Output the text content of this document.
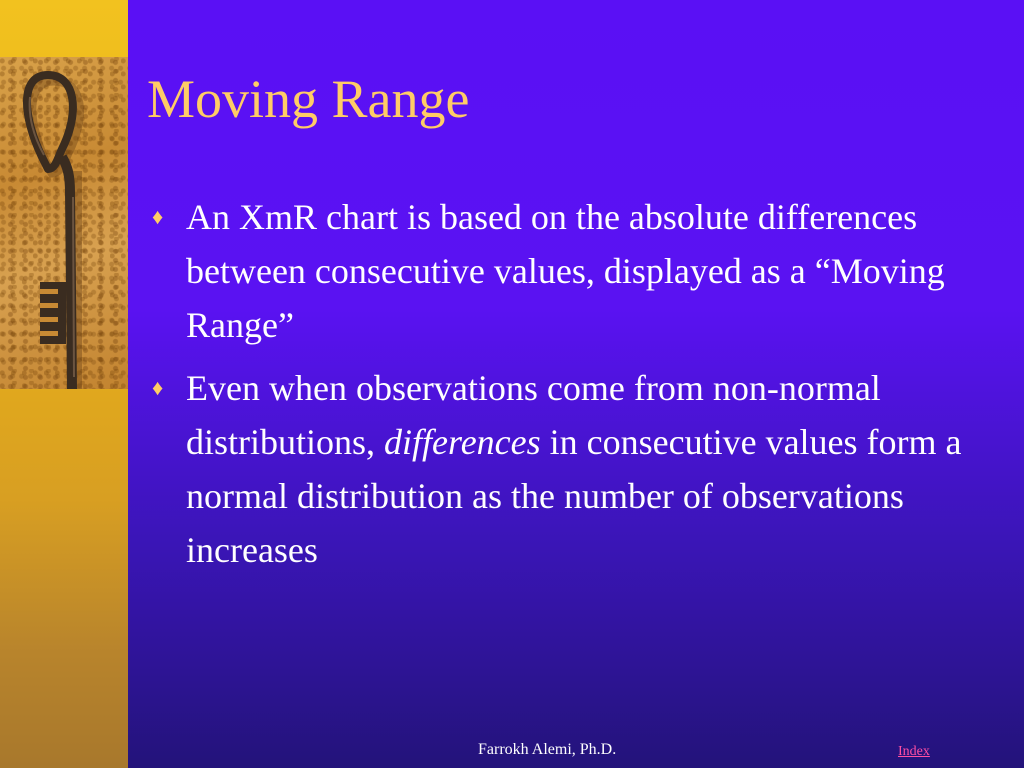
Moving Range
♦ An XmR chart is based on the absolute differences between consecutive values, displayed as a “Moving Range”
♦ Even when observations come from non-normal distributions, differences in consecutive values form a normal distribution as the number of observations increases
Farrokh Alemi, Ph.D.	Index
